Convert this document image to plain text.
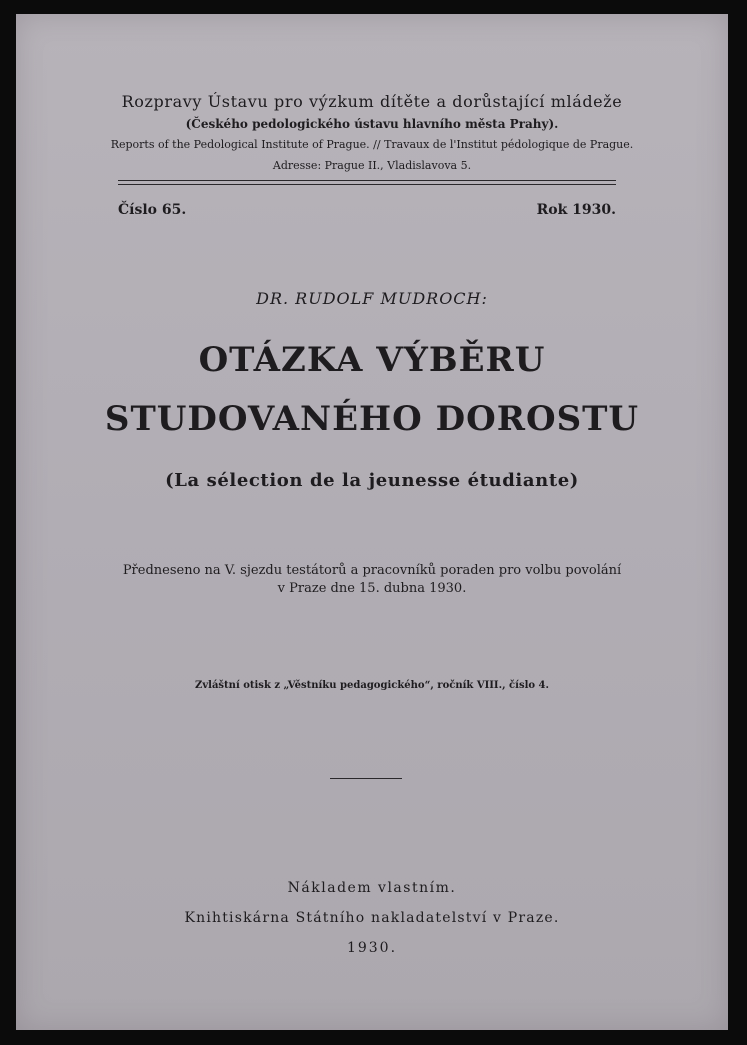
Rozpravy Ústavu pro výzkum dítěte a dorůstající mládeže
(Českého pedologického ústavu hlavního města Prahy).
Reports of the Pedological Institute of Prague. // Travaux de l'Institut pédologique de Prague.
Adresse: Prague II., Vladislavova 5.
Číslo 65.	Rok 1930.
DR. RUDOLF MUDROCH:
OTÁZKA VÝBĚRU
STUDOVANÉHO DOROSTU
(La sélection de la jeunesse étudiante)
Předneseno na V. sjezdu testátorů a pracovníků poraden pro volbu povolání
v Praze dne 15. dubna 1930.
Zvláštní otisk z „Věstníku pedagogického“, ročník VIII., číslo 4.
Nákladem vlastním.
Knihtiskárna Státního nakladatelství v Praze.
1930.
